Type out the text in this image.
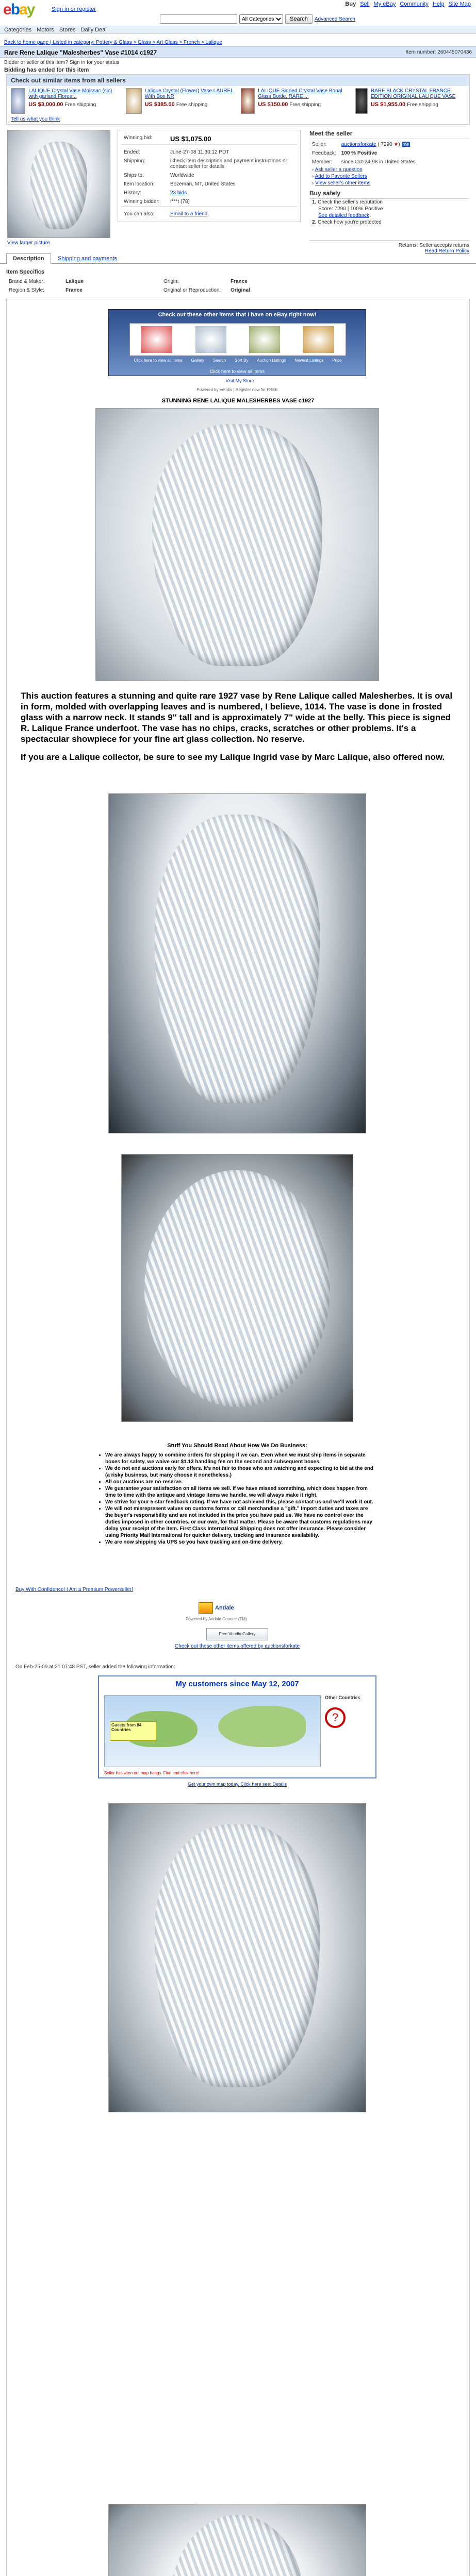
ebay	Sign in or register
Buy Sell My eBay Community Help Site Map
All Categories
Search	Advanced Search
Categories Motors Stores Daily Deal
Back to home page | Listed in category: Pottery & Glass > Glass > Art Glass > French > Lalique
Rare Rene Lalique "Malesherbes" Vase #1014 c1927	Item number: 260445070436
Bidder or seller of this item? Sign in for your status
Bidding has ended for this item
Check out similar items from all sellers
LALIQUE Crystal Vase Moissac (sic) with garland Florea...
US $3,000.00 Free shipping
Lalique Crystal (Flower) Vase LAUREL With Box NR
US $385.00 Free shipping
LALIQUE Signed Crystal Vase Bonal Glass Bottle, RARE ...
US $150.00 Free shipping
RARE BLACK CRYSTAL FRANCE EDITION ORIGINAL LALIQUE VASE
US $1,955.00 Free shipping
Tell us what you think
View larger picture
Winning bid:	US $1,075.00

Ended:	June-27-08 11:30:12 PDT
Shipping:	Check item description and payment instructions or contact seller for details
Ships to:	Worldwide
Item location:	Bozeman, MT, United States
History:	23 bids
Winning bidder:	f***t (78)

You can also:	Email to a friend
Meet the seller
Seller:	auctionsforkate ( 7290 ★) me
Feedback:	100 % Positive
Member:	since Oct-24-98 in United States
› Ask seller a question
› Add to Favorite Sellers
› View seller's other items
Buy safely
1. Check the seller's reputation
Score: 7290 | 100% Positive
See detailed feedback
2. Check how you're protected
Returns: Seller accepts returns
Read Return Policy
Description	Shipping and payments
Item Specifics
Brand & Maker:	Lalique	Origin:	France
Region & Style:	France	Original or Reproduction:	Original
Check out these other items that I have on eBay right now!
Click here to view all items Gallery Search Sort By Auction Listings Newest Listings Price
Click here to view all items
Visit My Store
Powered by Vendio | Register now for FREE
STUNNING RENE LALIQUE MALESHERBES VASE c1927

This auction features a stunning and quite rare 1927 vase by Rene Lalique called Malesherbes. It is oval in form, molded with overlapping leaves and is numbered, I believe, 1014. The vase is done in frosted glass with a narrow neck. It stands 9" tall and is approximately 7" wide at the belly. This piece is signed R. Lalique France underfoot. The vase has no chips, cracks, scratches or other problems. It's a spectacular showpiece for your fine art glass collection. No reserve.

If you are a Lalique collector, be sure to see my Lalique Ingrid vase by Marc Lalique, also offered now.

Stuff You Should Read About How We Do Business:
• We are always happy to combine orders for shipping if we can. Even when we must ship items in separate boxes for safety, we waive our $1.13 handling fee on the second and subsequent boxes.
• We do not end auctions early for offers. It's not fair to those who are watching and expecting to bid at the end (a risky business, but many choose it nonetheless.)
• All our auctions are no-reserve.
• We guarantee your satisfaction on all items we sell. If we have missed something, which does happen from time to time with the antique and vintage items we handle, we will always make it right.
• We strive for your 5-star feedback rating. If we have not achieved this, please contact us and we'll work it out.
• We will not misrepresent values on customs forms or call merchandise a "gift." Import duties and taxes are the buyer's responsibility and are not included in the price you have paid us. We have no control over the duties imposed in other countries, or our own, for that matter. Please be aware that customs regulations may delay your receipt of the item. First Class International Shipping does not offer insurance. Please consider using Priority Mail International for quicker delivery, tracking and insurance availability.
• We are now shipping via UPS so you have tracking and on-time delivery.
Buy With Confidence! I Am a Premium Powerseller!
Andale
Powered by Andale Counter (TM)
Free Vendio Gallery
Check out these other items offered by auctionsforkate
On Feb-25-09 at 21:07:48 PST, seller added the following information:
My customers since May 12, 2007
Guests from 84 Countries
Other Countries
?
Seller has worn out map hangs. Find and click here!
Get your own map today. Click here see: Details
